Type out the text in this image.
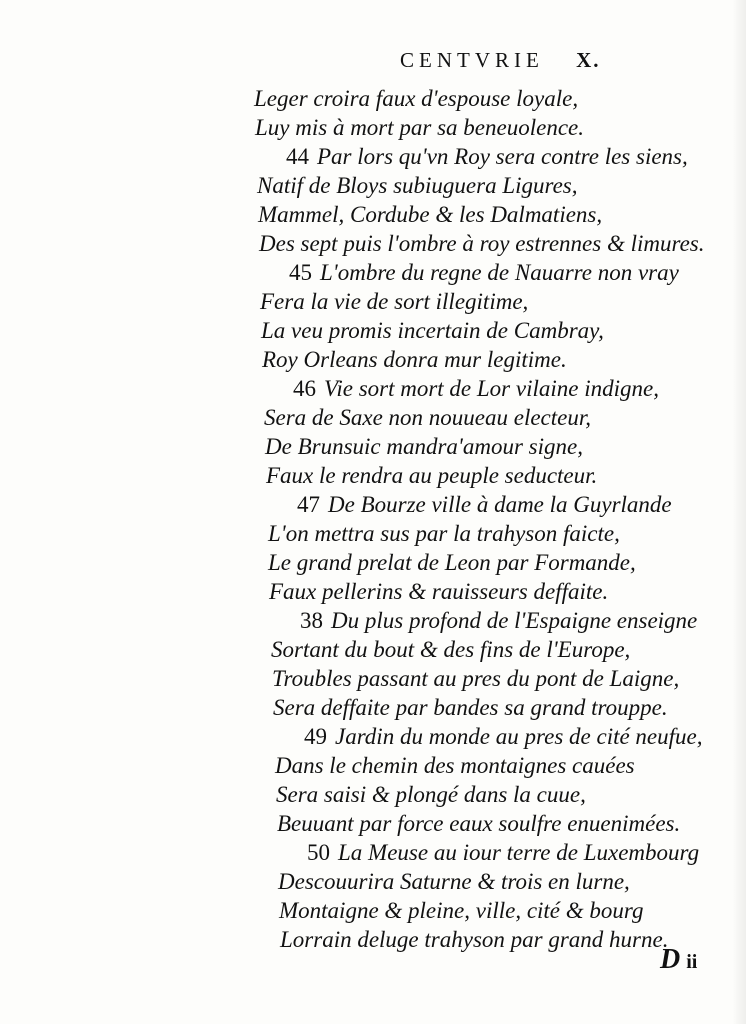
CENTVRIE X.
Leger croira faux d'espouse loyale,
Luy mis à mort par sa beneuolence.
44 Par lors qu'vn Roy sera contre les siens,
Natif de Bloys subiuguera Ligures,
Mammel, Cordube & les Dalmatiens,
Des sept puis l'ombre à roy estrennes & limures.
45 L'ombre du regne de Nauarre non vray
Fera la vie de sort illegitime,
La veu promis incertain de Cambray,
Roy Orleans donra mur legitime.
46 Vie sort mort de Lor vilaine indigne,
Sera de Saxe non nouueau electeur,
De Brunsuic mandra'amour signe,
Faux le rendra au peuple seducteur.
47 De Bourze ville à dame la Guyrlande
L'on mettra sus par la trahyson faicte,
Le grand prelat de Leon par Formande,
Faux pellerins & rauisseurs deffaite.
38 Du plus profond de l'Espaigne enseigne
Sortant du bout & des fins de l'Europe,
Troubles passant au pres du pont de Laigne,
Sera deffaite par bandes sa grand trouppe.
49 Jardin du monde au pres de cité neufue,
Dans le chemin des montaignes cauées
Sera saisi & plongé dans la cuue,
Beuuant par force eaux soulfre enuenimées.
50 La Meuse au iour terre de Luxembourg
Descouurira Saturne & trois en lurne,
Montaigne & pleine, ville, cité & bourg
Lorrain deluge trahyson par grand hurne.
D ii
